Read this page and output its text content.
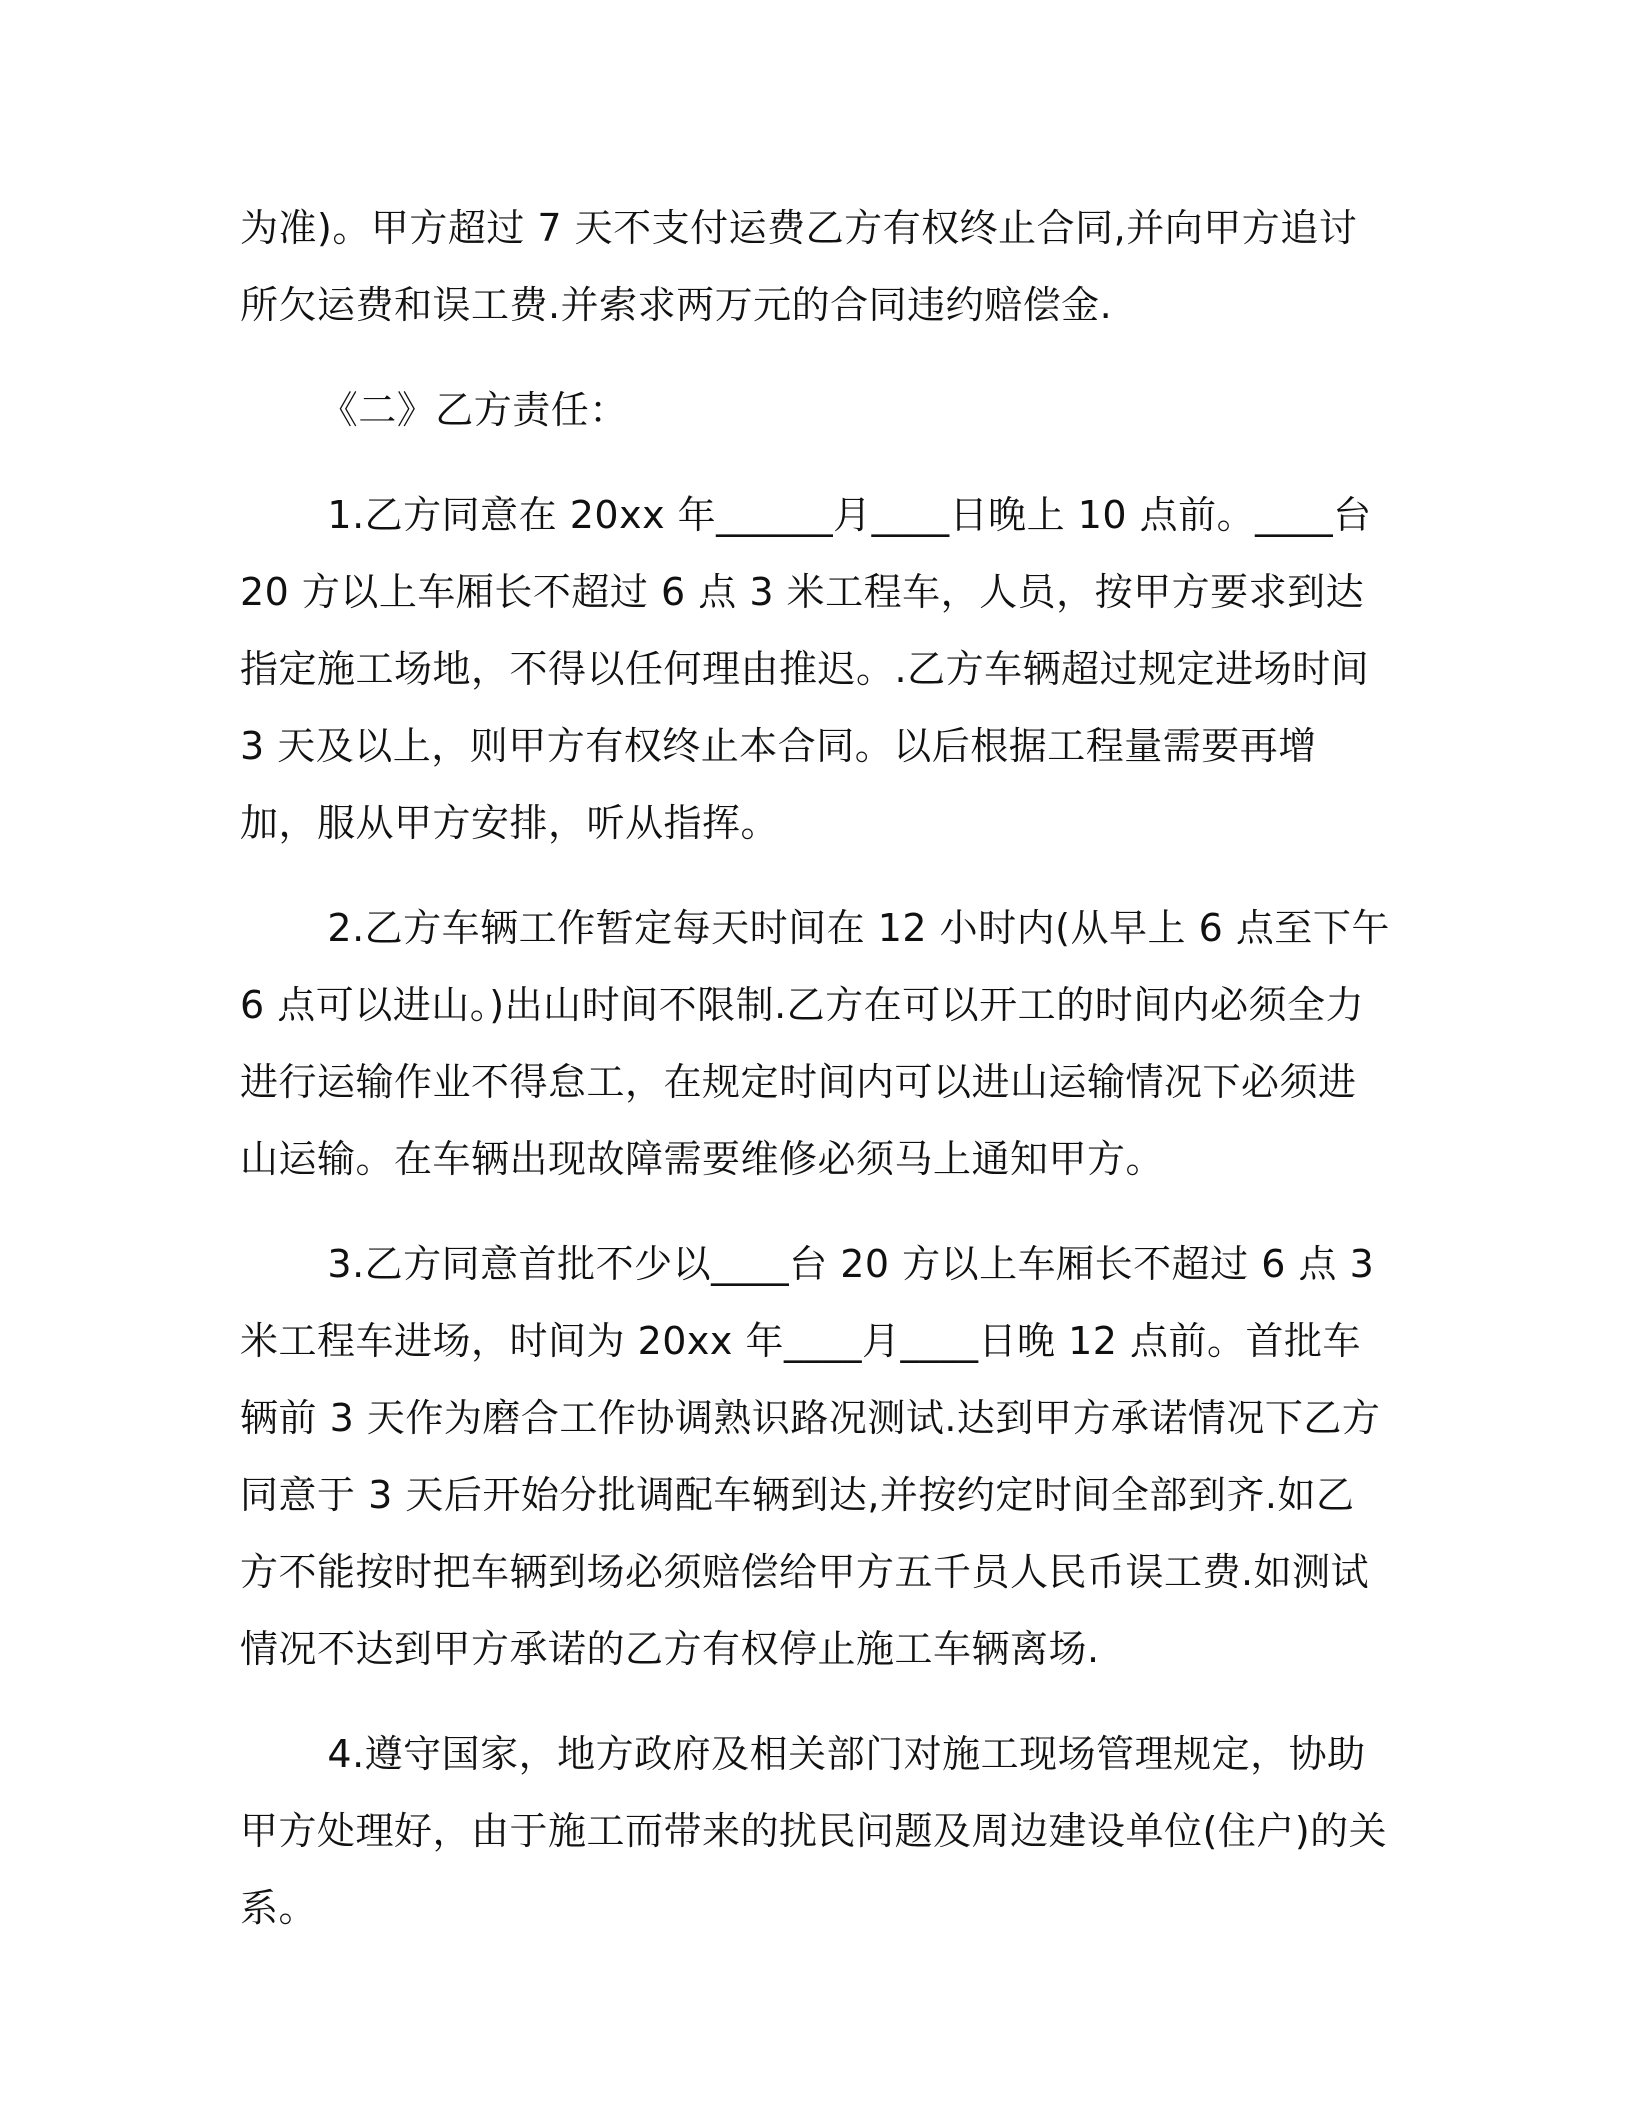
为准)。甲方超过 7 天不支付运费乙方有权终止合同,并向甲方追讨所欠运费和误工费.并索求两万元的合同违约赔偿金.

《二》乙方责任：

1.乙方同意在 20xx 年______月____日晚上 10 点前。____台 20 方以上车厢长不超过 6 点 3 米工程车，人员，按甲方要求到达指定施工场地，不得以任何理由推迟。.乙方车辆超过规定进场时间 3 天及以上，则甲方有权终止本合同。以后根据工程量需要再增加，服从甲方安排，听从指挥。

2.乙方车辆工作暂定每天时间在 12 小时内(从早上 6 点至下午 6 点可以进山。)出山时间不限制.乙方在可以开工的时间内必须全力进行运输作业不得怠工，在规定时间内可以进山运输情况下必须进山运输。在车辆出现故障需要维修必须马上通知甲方。

3.乙方同意首批不少以____台 20 方以上车厢长不超过 6 点 3 米工程车进场，时间为 20xx 年____月____日晚 12 点前。首批车辆前 3 天作为磨合工作协调熟识路况测试.达到甲方承诺情况下乙方同意于 3 天后开始分批调配车辆到达,并按约定时间全部到齐.如乙方不能按时把车辆到场必须赔偿给甲方五千员人民币误工费.如测试情况不达到甲方承诺的乙方有权停止施工车辆离场.

4.遵守国家，地方政府及相关部门对施工现场管理规定，协助甲方处理好，由于施工而带来的扰民问题及周边建设单位(住户)的关系。
